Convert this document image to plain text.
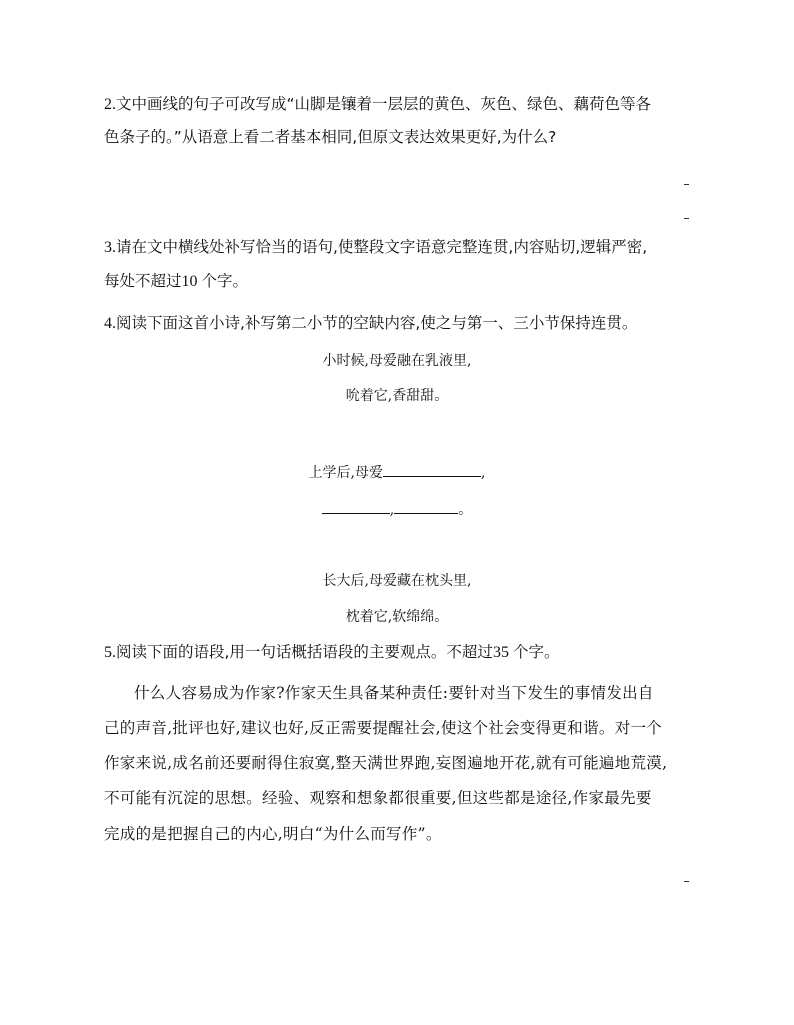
2.文中画线的句子可改写成“山脚是镶着一层层的黄色、灰色、绿色、藕荷色等各
色条子的。”从语意上看二者基本相同,但原文表达效果更好,为什么?
3.请在文中横线处补写恰当的语句,使整段文字语意完整连贯,内容贴切,逻辑严密,
每处不超过10 个字。
4.阅读下面这首小诗,补写第二小节的空缺内容,使之与第一、三小节保持连贯。
小时候,母爱融在乳液里,
吮着它,香甜甜。
上学后,母爱	,
,	。
长大后,母爱藏在枕头里,
枕着它,软绵绵。
5.阅读下面的语段,用一句话概括语段的主要观点。不超过35 个字。
什么人容易成为作家?作家天生具备某种责任:要针对当下发生的事情发出自
己的声音,批评也好,建议也好,反正需要提醒社会,使这个社会变得更和谐。对一个
作家来说,成名前还要耐得住寂寞,整天满世界跑,妄图遍地开花,就有可能遍地荒漠,
不可能有沉淀的思想。经验、观察和想象都很重要,但这些都是途径,作家最先要
完成的是把握自己的内心,明白“为什么而写作”。
